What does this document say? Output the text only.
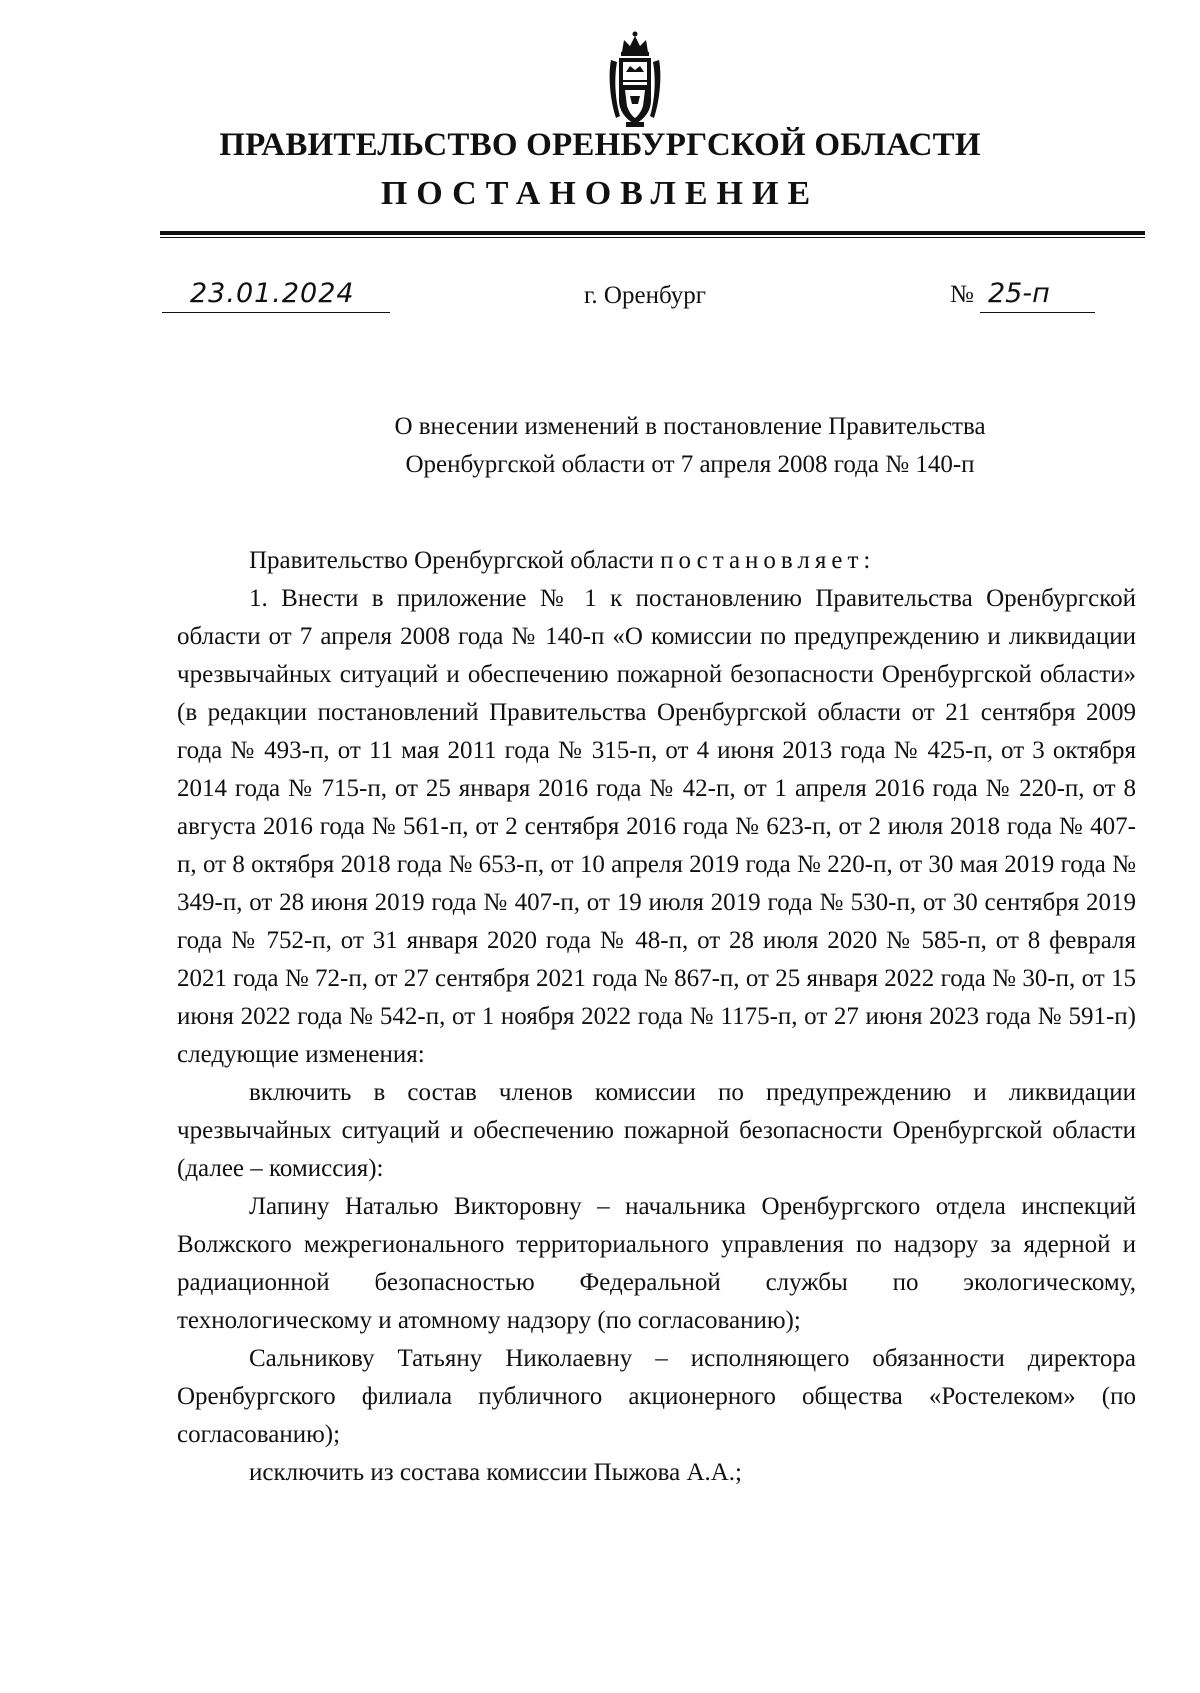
ПРАВИТЕЛЬСТВО ОРЕНБУРГСКОЙ ОБЛАСТИ
ПОСТАНОВЛЕНИЕ
23.01.2024	г. Оренбург	№ 25-п
О внесении изменений в постановление Правительства
Оренбургской области от 7 апреля 2008 года № 140-п

Правительство Оренбургской области постановляет:

1. Внести в приложение № 1 к постановлению Правительства Оренбургской области от 7 апреля 2008 года № 140-п «О комиссии по предупреждению и ликвидации чрезвычайных ситуаций и обеспечению пожарной безопасности Оренбургской области» (в редакции постановлений Правительства Оренбургской области от 21 сентября 2009 года № 493-п, от 11 мая 2011 года № 315-п, от 4 июня 2013 года № 425-п, от 3 октября 2014 года № 715-п, от 25 января 2016 года № 42-п, от 1 апреля 2016 года № 220-п, от 8 августа 2016 года № 561-п, от 2 сентября 2016 года № 623-п, от 2 июля 2018 года № 407-п, от 8 октября 2018 года № 653-п, от 10 апреля 2019 года № 220-п, от 30 мая 2019 года № 349-п, от 28 июня 2019 года № 407-п, от 19 июля 2019 года № 530-п, от 30 сентября 2019 года № 752-п, от 31 января 2020 года № 48-п, от 28 июля 2020 № 585-п, от 8 февраля 2021 года № 72-п, от 27 сентября 2021 года № 867-п, от 25 января 2022 года № 30-п, от 15 июня 2022 года № 542-п, от 1 ноября 2022 года № 1175-п, от 27 июня 2023 года № 591-п) следующие изменения:

включить в состав членов комиссии по предупреждению и ликвидации чрезвычайных ситуаций и обеспечению пожарной безопасности Оренбургской области (далее – комиссия):

Лапину Наталью Викторовну – начальника Оренбургского отдела инспекций Волжского межрегионального территориального управления по надзору за ядерной и радиационной безопасностью Федеральной службы по экологическому, технологическому и атомному надзору (по согласованию);

Сальникову Татьяну Николаевну – исполняющего обязанности директора Оренбургского филиала публичного акционерного общества «Ростелеком» (по согласованию);

исключить из состава комиссии Пыжова А.А.;
